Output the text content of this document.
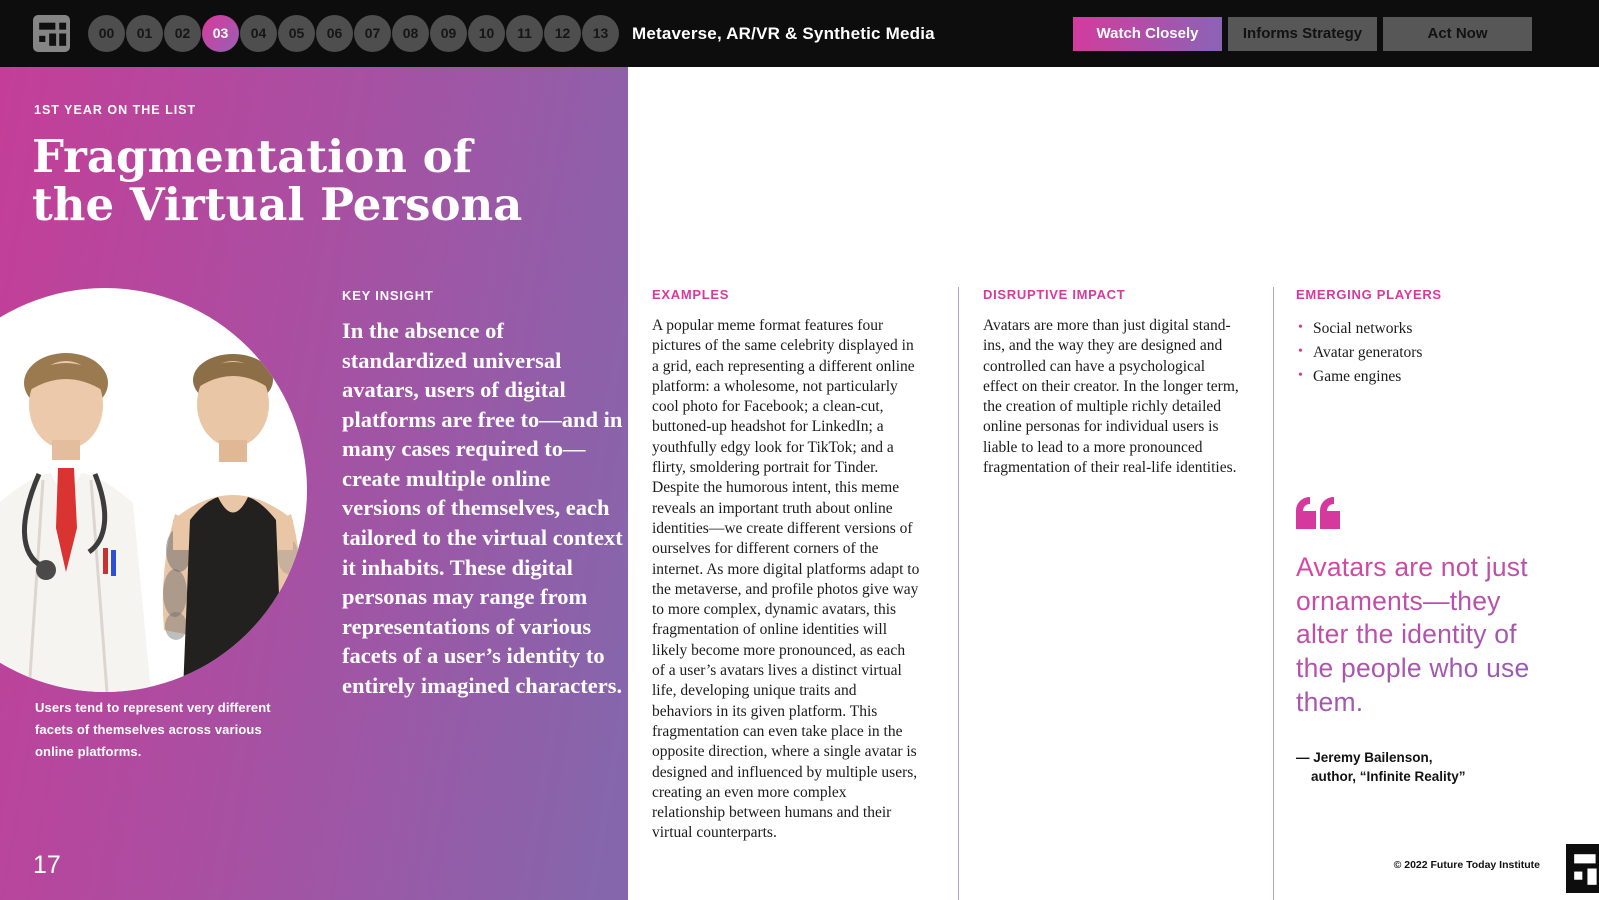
00	01	02	03	04	05	06	07	08	09	10	11	12	13	Metaverse, AR/VR & Synthetic Media	Watch Closely	Informs Strategy	Act Now
1ST YEAR ON THE LIST
Fragmentation of the Virtual Persona

Users tend to represent very different facets of themselves across various online platforms.

KEY INSIGHT

In the absence of standardized universal avatars, users of digital platforms are free to—and in many cases required to—create multiple online versions of themselves, each tailored to the virtual context it inhabits. These digital personas may range from representations of various facets of a user’s identity to entirely imagined characters.

17
EXAMPLES

A popular meme format features four pictures of the same celebrity displayed in a grid, each representing a different online platform: a wholesome, not particularly cool photo for Facebook; a clean-cut, buttoned-up headshot for LinkedIn; a youthfully edgy look for TikTok; and a flirty, smoldering portrait for Tinder. Despite the humorous intent, this meme reveals an important truth about online identities—we create different versions of ourselves for different corners of the internet. As more digital platforms adapt to the metaverse, and profile photos give way to more complex, dynamic avatars, this fragmentation of online identities will likely become more pronounced, as each of a user’s avatars lives a distinct virtual life, developing unique traits and behaviors in its given platform. This fragmentation can even take place in the opposite direction, where a single avatar is designed and influenced by multiple users, creating an even more complex relationship between humans and their virtual counterparts.

DISRUPTIVE IMPACT

Avatars are more than just digital stand-ins, and the way they are designed and controlled can have a psychological effect on their creator. In the longer term, the creation of multiple richly detailed online personas for individual users is liable to lead to a more pronounced fragmentation of their real-life identities.

EMERGING PLAYERS
• Social networks
• Avatar generators
• Game engines

Avatars are not just ornaments—they alter the identity of the people who use them.

— Jeremy Bailenson,
author, “Infinite Reality”
© 2022 Future Today Institute
